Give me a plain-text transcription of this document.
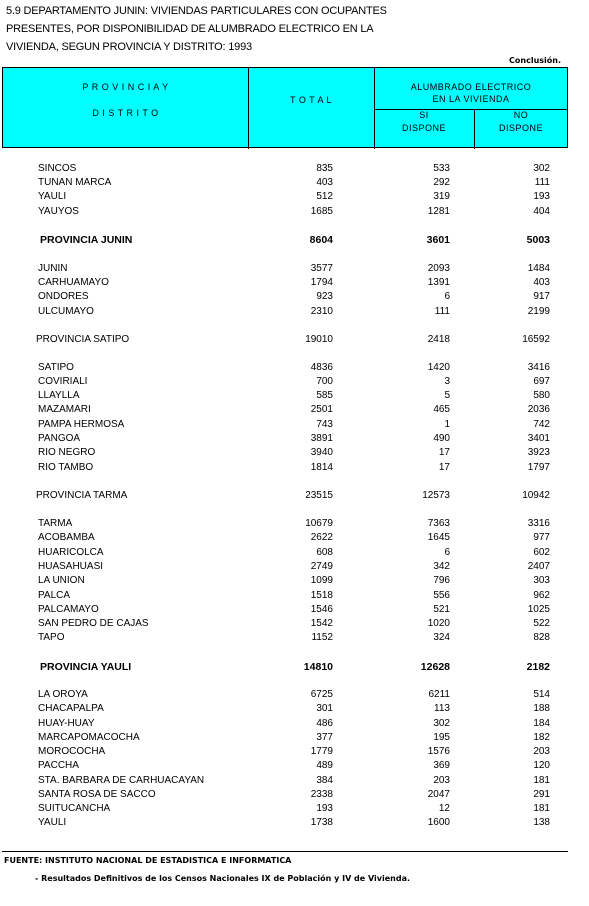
5.9 DEPARTAMENTO JUNIN: VIVIENDAS PARTICULARES CON OCUPANTES
PRESENTES, POR DISPONIBILIDAD DE ALUMBRADO ELECTRICO EN LA
VIVIENDA, SEGUN PROVINCIA Y DISTRITO: 1993
Conclusión.
P R O V I N C I A Y
D I S T R I T O
T O T A L
ALUMBRADO ELECTRICO
EN LA VIVIENDA
SI
DISPONE
NO
DISPONE
SINCOS	835	533	302
TUNAN MARCA	403	292	111
YAULI	512	319	193
YAUYOS	1685	1281	404
PROVINCIA JUNIN	8604	3601	5003
JUNIN	3577	2093	1484
CARHUAMAYO	1794	1391	403
ONDORES	923	6	917
ULCUMAYO	2310	111	2199
PROVINCIA SATIPO	19010	2418	16592
SATIPO	4836	1420	3416
COVIRIALI	700	3	697
LLAYLLA	585	5	580
MAZAMARI	2501	465	2036
PAMPA HERMOSA	743	1	742
PANGOA	3891	490	3401
RIO NEGRO	3940	17	3923
RIO TAMBO	1814	17	1797
PROVINCIA TARMA	23515	12573	10942
TARMA	10679	7363	3316
ACOBAMBA	2622	1645	977
HUARICOLCA	608	6	602
HUASAHUASI	2749	342	2407
LA UNION	1099	796	303
PALCA	1518	556	962
PALCAMAYO	1546	521	1025
SAN PEDRO DE CAJAS	1542	1020	522
TAPO	1152	324	828
PROVINCIA YAULI	14810	12628	2182
LA OROYA	6725	6211	514
CHACAPALPA	301	113	188
HUAY-HUAY	486	302	184
MARCAPOMACOCHA	377	195	182
MOROCOCHA	1779	1576	203
PACCHA	489	369	120
STA. BARBARA DE CARHUACAYAN	384	203	181
SANTA ROSA DE SACCO	2338	2047	291
SUITUCANCHA	193	12	181
YAULI	1738	1600	138
FUENTE: INSTITUTO NACIONAL DE ESTADISTICA E INFORMATICA
- Resultados Definitivos de los Censos Nacionales IX de Población y IV de Vivienda.
